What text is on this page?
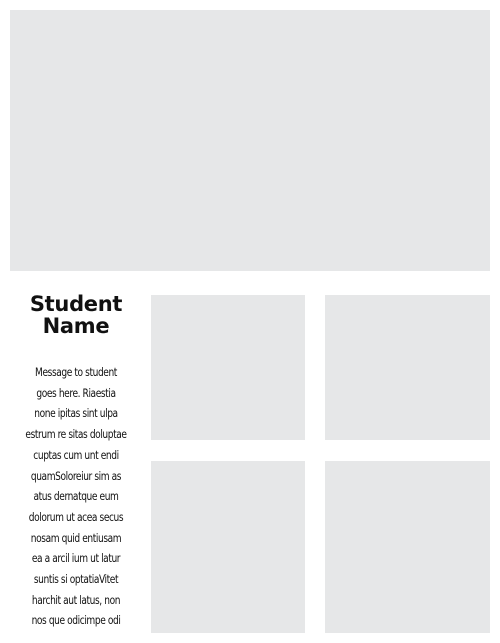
Student
Name
Message to student
goes here. Riaestia
none ipitas sint ulpa
estrum re sitas doluptae
cuptas cum unt endi
quamSoloreiur sim as
atus dernatque eum
dolorum ut acea secus
nosam quid entiusam
ea a arcil ium ut latur
suntis si optatiaVitet
harchit aut latus, non
nos que odicimpe odi
